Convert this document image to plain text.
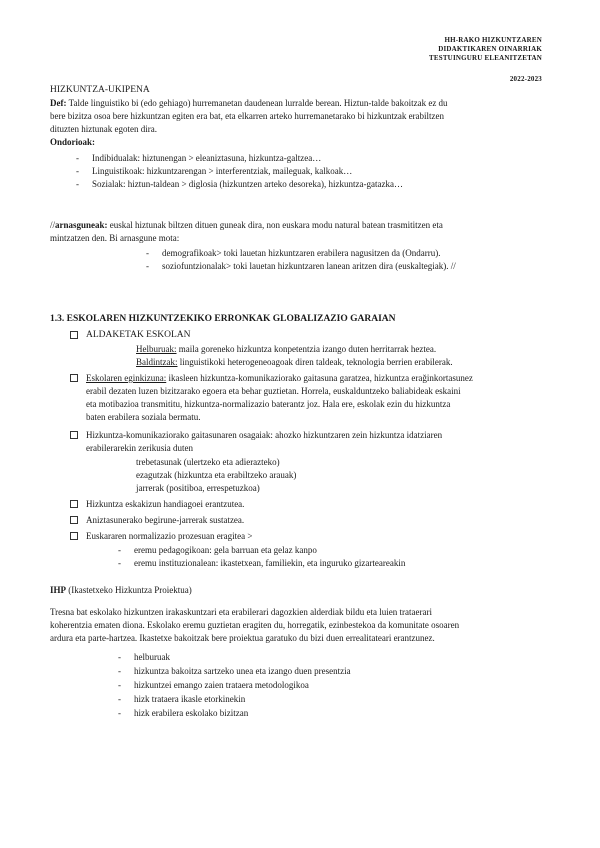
HH-RAKO HIZKUNTZAREN
DIDAKTIKAREN OINARRIAK
TESTUINGURU ELEANITZETAN
2022-2023
HIZKUNTZA-UKIPENA
Def: Talde linguistiko bi (edo gehiago) hurremanetan daudenean lurralde berean. Hiztun-talde bakoitzak ez du
bere bizitza osoa bere hizkuntzan egiten era bat, eta elkarren arteko hurremanetarako bi hizkuntzak erabiltzen
dituzten hiztunak egoten dira.
Ondorioak:
- Indibidualak: hiztunengan > eleaniztasuna, hizkuntza-galtzea…
- Linguistikoak: hizkuntzarengan > interferentziak, maileguak, kalkoak…
- Sozialak: hiztun-taldean > diglosia (hizkuntzen arteko desoreka), hizkuntza-gatazka…
//arnasguneak: euskal hiztunak biltzen dituen guneak dira, non euskara modu natural batean trasmititzen eta
mintzatzen den. Bi arnasgune mota:
- demografikoak> toki lauetan hizkuntzaren erabilera nagusitzen da (Ondarru).
- soziofuntzionalak> toki lauetan hizkuntzaren lanean aritzen dira (euskaltegiak). //
1.3. ESKOLAREN HIZKUNTZEKIKO ERRONKAK GLOBALIZAZIO GARAIAN
ALDAKETAK ESKOLAN
Helburuak: maila goreneko hizkuntza konpetentzia izango duten herritarrak heztea.
Baldintzak: linguistikoki heterogeneoagoak diren taldeak, teknologia berrien erabilerak.
Eskolaren eginkizuna: ikasleen hizkuntza-komunikaziorako gaitasuna garatzea, hizkuntza erağinkortasunez
erabil dezaten luzen bizitzarako egoera eta behar guztietan. Horrela, euskalduntzeko baliabideak eskaini
eta motibazioa transmititu, hizkuntza-normalizazio baterantz joz. Hala ere, eskolak ezin du hizkuntza
baten erabilera soziala bermatu.
Hizkuntza-komunikaziorako gaitasunaren osagaiak: ahozko hizkuntzaren zein hizkuntza idatziaren
erabilerarekin zerikusia duten
trebetasunak (ulertzeko eta adierazteko)
ezagutzak (hizkuntza eta erabiltzeko arauak)
jarrerak (positiboa, errespetuzkoa)
Hizkuntza eskakizun handiagoei erantzutea.
Aniztasunerako begirune-jarrerak sustatzea.
Euskararen normalizazio prozesuan eragitea >
- eremu pedagogikoan: gela barruan eta gelaz kanpo
- eremu instituzionalean: ikastetxean, familiekin, eta inguruko gizarteareakin
IHP (Ikastetxeko Hizkuntza Proiektua)
Tresna bat eskolako hizkuntzen irakaskuntzari eta erabilerari dagozkien alderdiak bildu eta luien trataerari
koherentzia ematen diona. Eskolako eremu guztietan eragiten du, horregatik, ezinbestekoa da komunitate osoaren
ardura eta parte-hartzea. Ikastetxe bakoitzak bere proiektua garatuko du bizi duen errealitateari erantzunez.
- helburuak
- hizkuntza bakoitza sartzeko unea eta izango duen presentzia
- hizkuntzei emango zaien trataera metodologikoa
- hizk trataera ikasle etorkinekin
- hizk erabilera eskolako bizitzan
